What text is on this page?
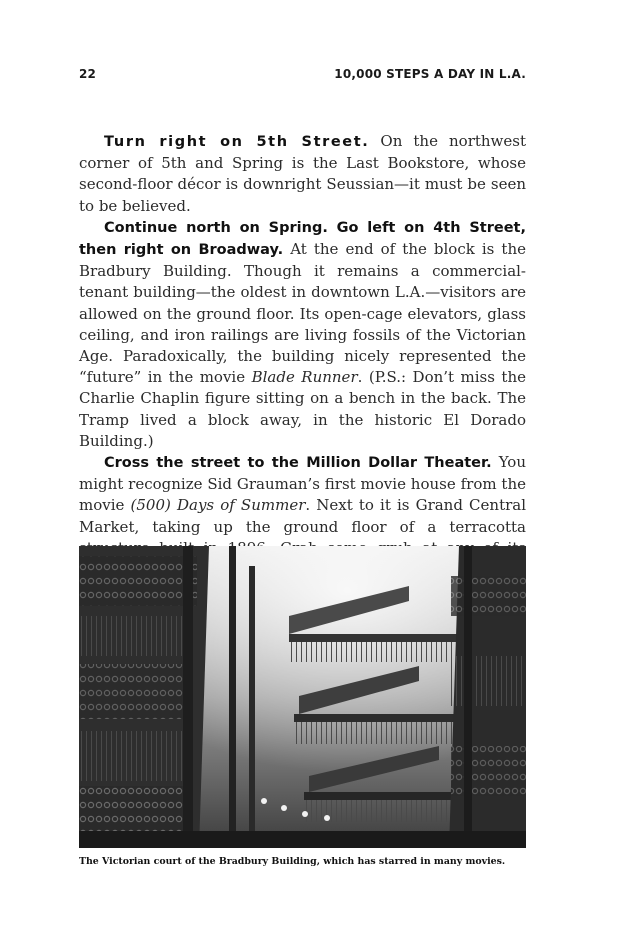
22	10,000 STEPS A DAY IN L.A.

Turn right on 5th Street. On the northwest corner of 5th and Spring is the Last Bookstore, whose second-floor décor is downright Seussian—it must be seen to be believed.

Continue north on Spring. Go left on 4th Street, then right on Broadway. At the end of the block is the Bradbury Building. Though it remains a commercial-tenant building—the oldest in downtown L.A.—visitors are allowed on the ground floor. Its open-cage elevators, glass ceiling, and iron railings are living fossils of the Victorian Age. Paradoxically, the building nicely represented the “future” in the movie Blade Runner. (P.S.: Don’t miss the Charlie Chaplin figure sitting on a bench in the back. The Tramp lived a block away, in the historic El Dorado Building.)

Cross the street to the Million Dollar Theater. You might recognize Sid Grauman’s first movie house from the movie (500) Days of Summer. Next to it is Grand Central Market, taking up the ground floor of a terracotta

The Victorian court of the Bradbury Building, which has starred in many movies.
